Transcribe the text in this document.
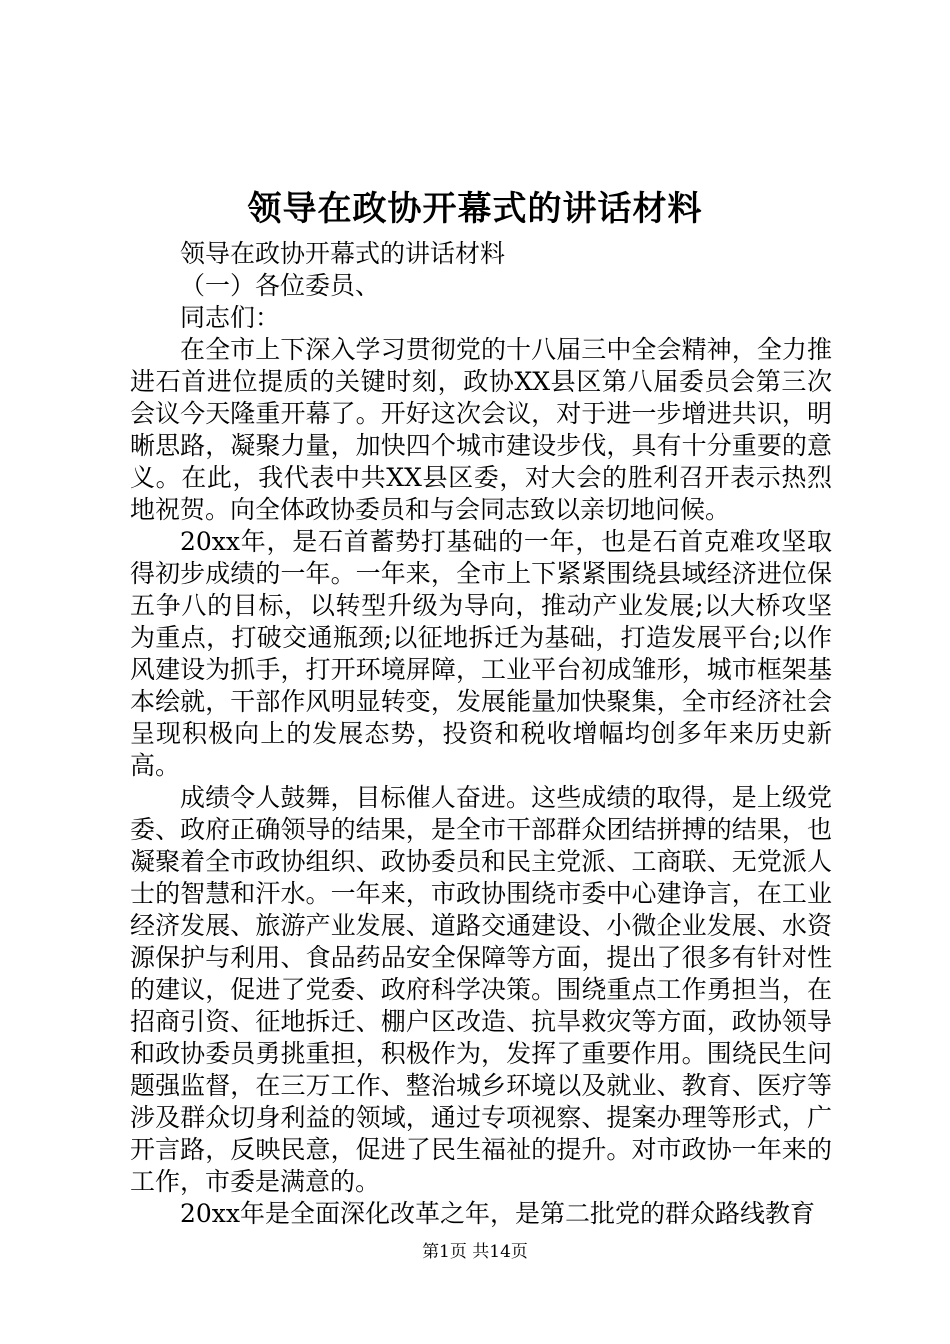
领导在政协开幕式的讲话材料

领导在政协开幕式的讲话材料

（一）各位委员、

同志们：

在全市上下深入学习贯彻党的十八届三中全会精神，全力推进石首进位提质的关键时刻，政协XX县区第八届委员会第三次会议今天隆重开幕了。开好这次会议，对于进一步增进共识，明晰思路，凝聚力量，加快四个城市建设步伐，具有十分重要的意义。在此，我代表中共XX县区委，对大会的胜利召开表示热烈地祝贺。向全体政协委员和与会同志致以亲切地问候。

20xx年，是石首蓄势打基础的一年，也是石首克难攻坚取得初步成绩的一年。一年来，全市上下紧紧围绕县域经济进位保五争八的目标，以转型升级为导向，推动产业发展;以大桥攻坚为重点，打破交通瓶颈;以征地拆迁为基础，打造发展平台;以作风建设为抓手，打开环境屏障，工业平台初成雏形，城市框架基本绘就，干部作风明显转变，发展能量加快聚集，全市经济社会呈现积极向上的发展态势，投资和税收增幅均创多年来历史新高。

成绩令人鼓舞，目标催人奋进。这些成绩的取得，是上级党委、政府正确领导的结果，是全市干部群众团结拼搏的结果，也凝聚着全市政协组织、政协委员和民主党派、工商联、无党派人士的智慧和汗水。一年来，市政协围绕市委中心建诤言，在工业经济发展、旅游产业发展、道路交通建设、小微企业发展、水资源保护与利用、食品药品安全保障等方面，提出了很多有针对性的建议，促进了党委、政府科学决策。围绕重点工作勇担当，在招商引资、征地拆迁、棚户区改造、抗旱救灾等方面，政协领导和政协委员勇挑重担，积极作为，发挥了重要作用。围绕民生问题强监督，在三万工作、整治城乡环境以及就业、教育、医疗等涉及群众切身利益的领域，通过专项视察、提案办理等形式，广开言路，反映民意，促进了民生福祉的提升。对市政协一年来的工作，市委是满意的。

20xx年是全面深化改革之年，是第二批党的群众路线教育

第1页 共14页
